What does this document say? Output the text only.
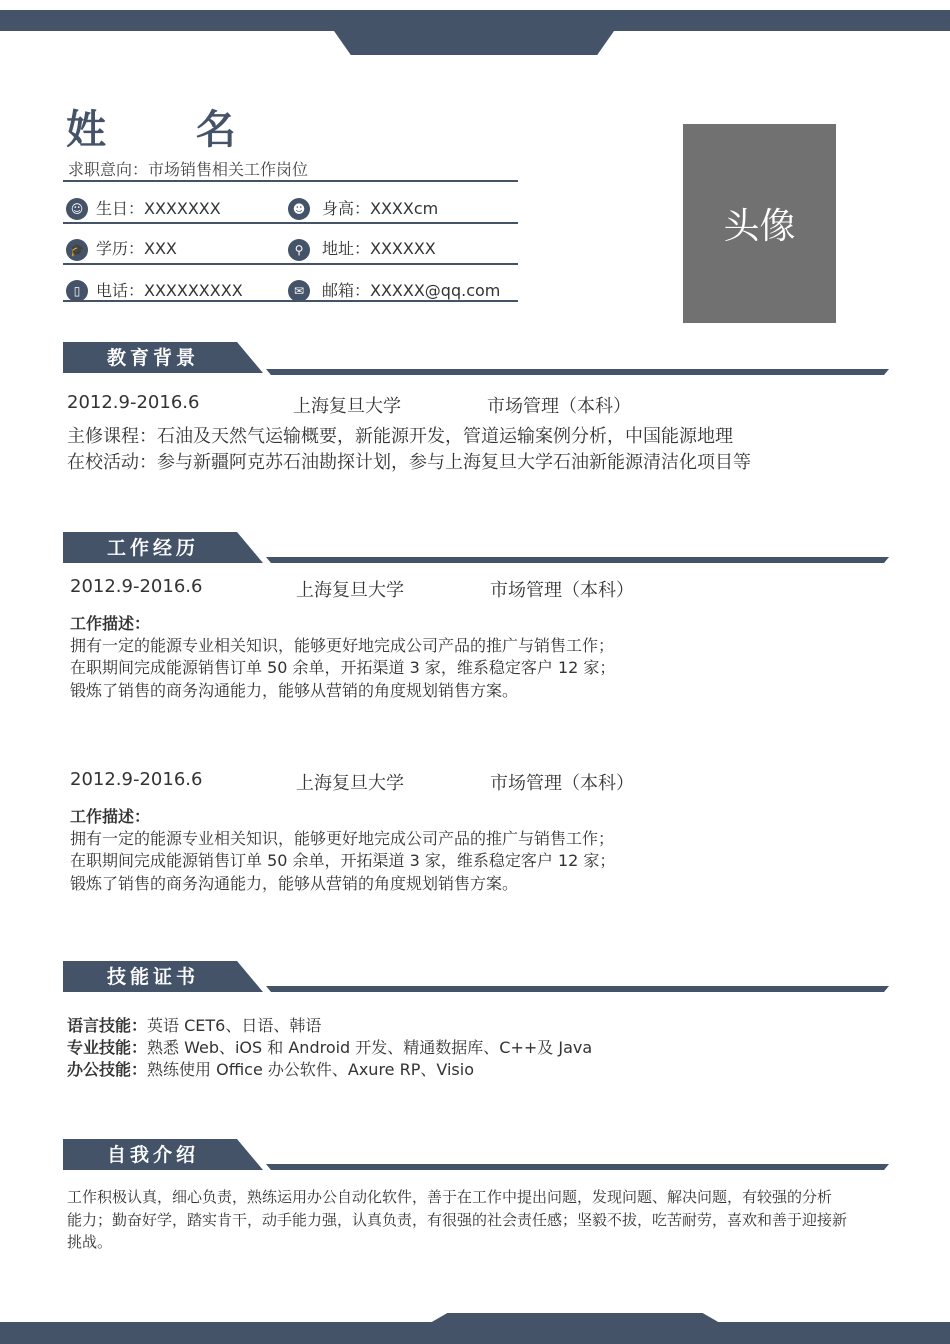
姓 名
求职意向：市场销售相关工作岗位
☺ 生日：XXXXXXX	☻ 身高：XXXXcm
🎓 学历：XXX	⚲	地址：XXXXXX
▯ 电话：XXXXXXXXX	✉	邮箱：XXXXX@qq.com
头像
教育背景
2012.9-2016.6	上海复旦大学	市场管理（本科）
主修课程：石油及天然气运输概要，新能源开发，管道运输案例分析，中国能源地理
在校活动：参与新疆阿克苏石油勘探计划，参与上海复旦大学石油新能源清洁化项目等
工作经历
2012.9-2016.6	上海复旦大学	市场管理（本科）
工作描述：
拥有一定的能源专业相关知识，能够更好地完成公司产品的推广与销售工作；
在职期间完成能源销售订单 50 余单，开拓渠道 3 家，维系稳定客户 12 家；
锻炼了销售的商务沟通能力，能够从营销的角度规划销售方案。
2012.9-2016.6	上海复旦大学	市场管理（本科）
工作描述：
拥有一定的能源专业相关知识，能够更好地完成公司产品的推广与销售工作；
在职期间完成能源销售订单 50 余单，开拓渠道 3 家，维系稳定客户 12 家；
锻炼了销售的商务沟通能力，能够从营销的角度规划销售方案。
技能证书
语言技能：英语 CET6、日语、韩语
专业技能：熟悉 Web、iOS 和 Android 开发、精通数据库、C++及 Java
办公技能：熟练使用 Office 办公软件、Axure RP、Visio
自我介绍
工作积极认真，细心负责，熟练运用办公自动化软件，善于在工作中提出问题，发现问题、解决问题，有较强的分析
能力；勤奋好学，踏实肯干，动手能力强，认真负责，有很强的社会责任感；坚毅不拔，吃苦耐劳，喜欢和善于迎接新
挑战。
